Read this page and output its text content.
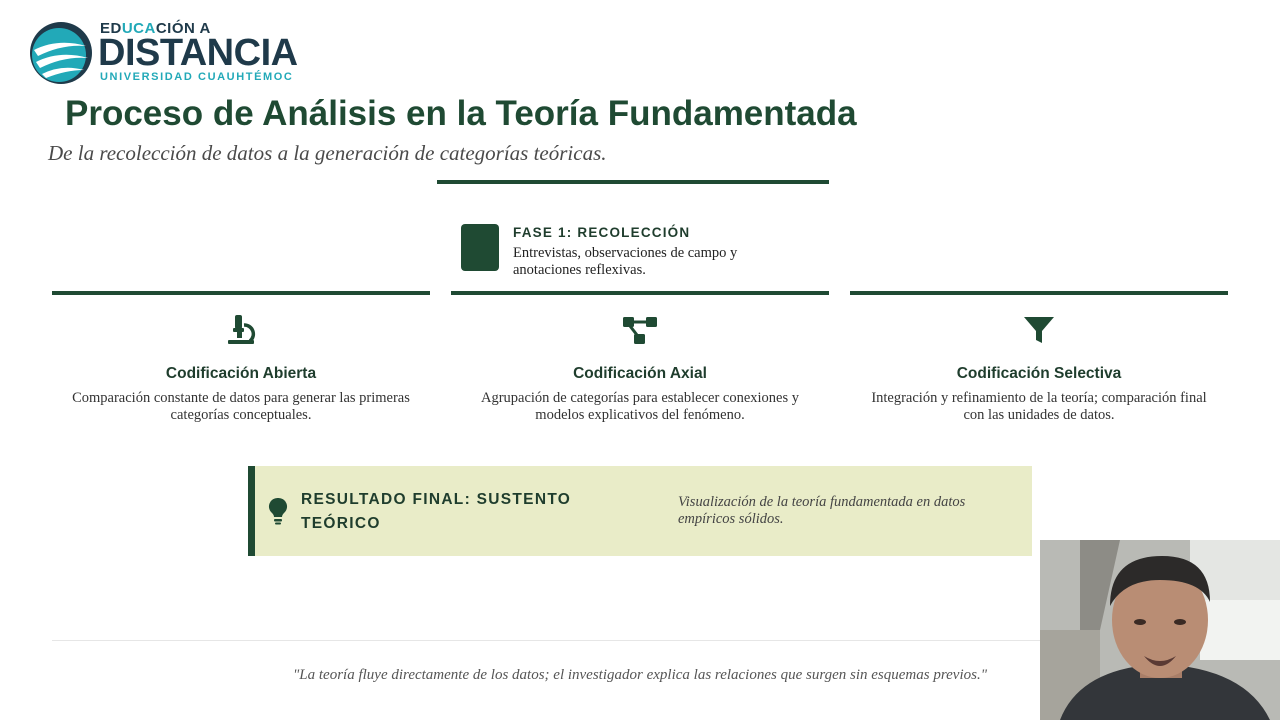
EDUCACIÓN A
DISTANCIA
UNIVERSIDAD CUAUHTÉMOC
Proceso de Análisis en la Teoría Fundamentada
De la recolección de datos a la generación de categorías teóricas.
FASE 1: RECOLECCIÓN
Entrevistas, observaciones de campo y anotaciones reflexivas.
Codificación Abierta
Comparación constante de datos para generar las primeras categorías conceptuales.
Codificación Axial
Agrupación de categorías para establecer conexiones y modelos explicativos del fenómeno.
Codificación Selectiva
Integración y refinamiento de la teoría; comparación final con las unidades de datos.
RESULTADO FINAL: SUSTENTO TEÓRICO
Visualización de la teoría fundamentada en datos empíricos sólidos.
"La teoría fluye directamente de los datos; el investigador explica las relaciones que surgen sin esquemas previos."
